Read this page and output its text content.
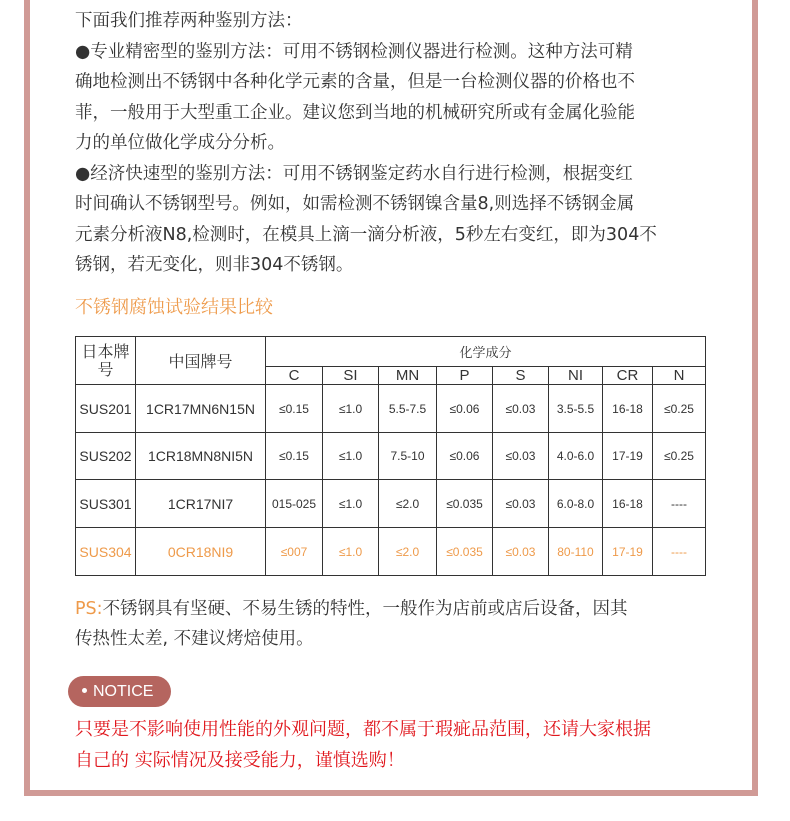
下面我们推荐两种鉴别方法：
●专业精密型的鉴别方法：可用不锈钢检测仪器进行检测。这种方法可精
确地检测出不锈钢中各种化学元素的含量，但是一台检测仪器的价格也不
菲，一般用于大型重工企业。建议您到当地的机械研究所或有金属化验能
力的单位做化学成分分析。
●经济快速型的鉴别方法：可用不锈钢鉴定药水自行进行检测，根据变红
时间确认不锈钢型号。例如，如需检测不锈钢镍含量8,则选择不锈钢金属
元素分析液N8,检测时，在模具上滴一滴分析液，5秒左右变红，即为304不
锈钢，若无变化，则非304不锈钢。
不锈钢腐蚀试验结果比较
日本牌号	中国牌号	化学成分							
		C	SI	MN	P	S	NI	CR	N
SUS201	1CR17MN6N15N	≤0.15	≤1.0	5.5-7.5	≤0.06	≤0.03	3.5-5.5	16-18	≤0.25
SUS202	1CR18MN8NI5N	≤0.15	≤1.0	7.5-10	≤0.06	≤0.03	4.0-6.0	17-19	≤0.25
SUS301	1CR17NI7	015-025	≤1.0	≤2.0	≤0.035	≤0.03	6.0-8.0	16-18	----
SUS304	0CR18NI9	≤007	≤1.0	≤2.0	≤0.035	≤0.03	80-110	17-19	----
PS:不锈钢具有坚硬、不易生锈的特性，一般作为店前或店后设备，因其
传热性太差, 不建议烤焙使用。
NOTICE
只要是不影响使用性能的外观问题，都不属于瑕疵品范围，还请大家根据
自己的 实际情况及接受能力，谨慎选购！
